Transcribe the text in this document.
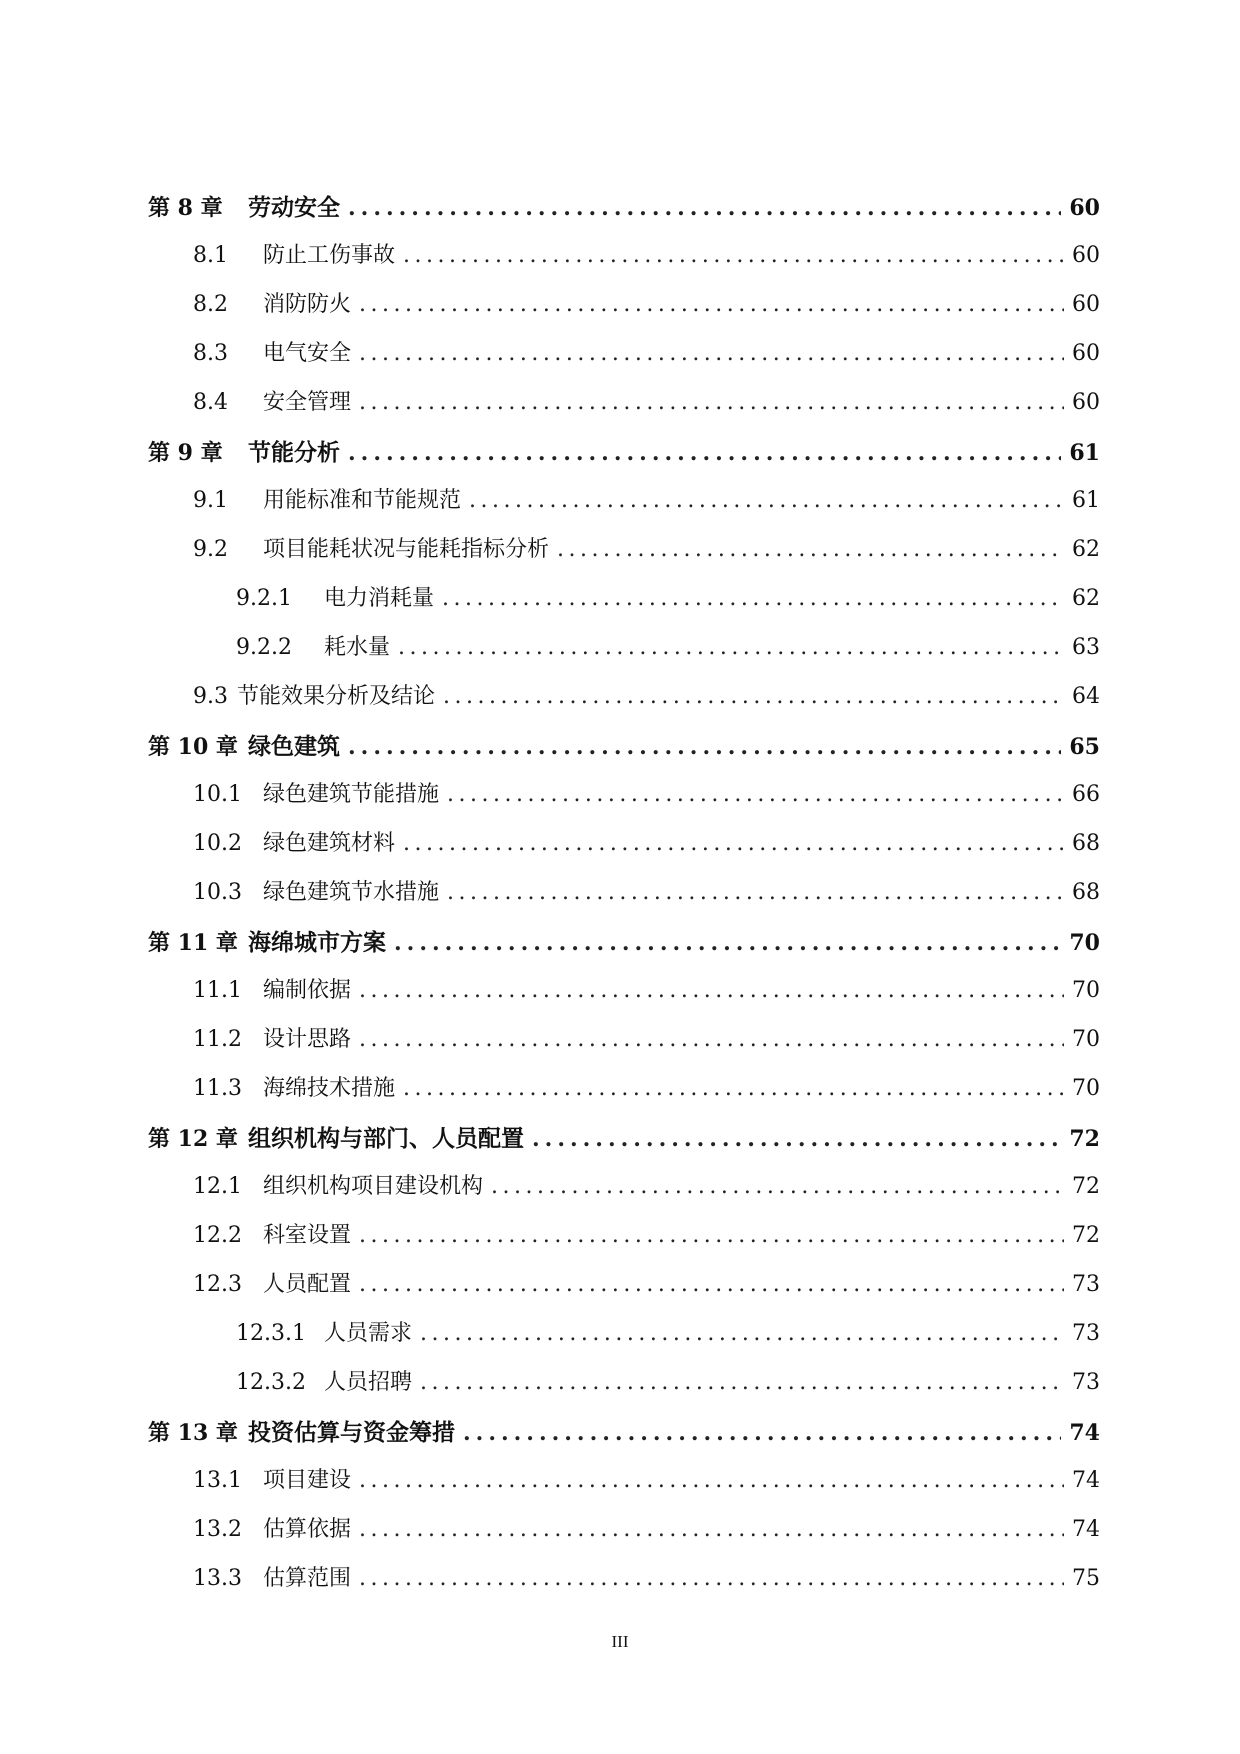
第 8 章	劳动安全 .....	60
8.1	防止工伤事故 .....	60
8.2	消防防火 .....	60
8.3	电气安全 .....	60
8.4	安全管理 .....	60
第 9 章	节能分析 .....	61
9.1	用能标准和节能规范 .....	61
9.2	项目能耗状况与能耗指标分析 .....	62
9.2.1	电力消耗量 .....	62
9.2.2	耗水量 .....	63
9.3 节能效果分析及结论 .....	64
第 10 章 绿色建筑 .....	65
10.1 绿色建筑节能措施 .....	66
10.2 绿色建筑材料 .....	68
10.3 绿色建筑节水措施 .....	68
第 11 章 海绵城市方案 .....	70
11.1 编制依据 .....	70
11.2 设计思路 .....	70
11.3 海绵技术措施 .....	70
第 12 章 组织机构与部门、人员配置 .....	72
12.1 组织机构项目建设机构 .....	72
12.2 科室设置 .....	72
12.3 人员配置 .....	73
12.3.1 人员需求 .....	73
12.3.2 人员招聘 .....	73
第 13 章 投资估算与资金筹措 .....	74
13.1 项目建设 .....	74
13.2 估算依据 .....	74
13.3 估算范围 .....	75
III
